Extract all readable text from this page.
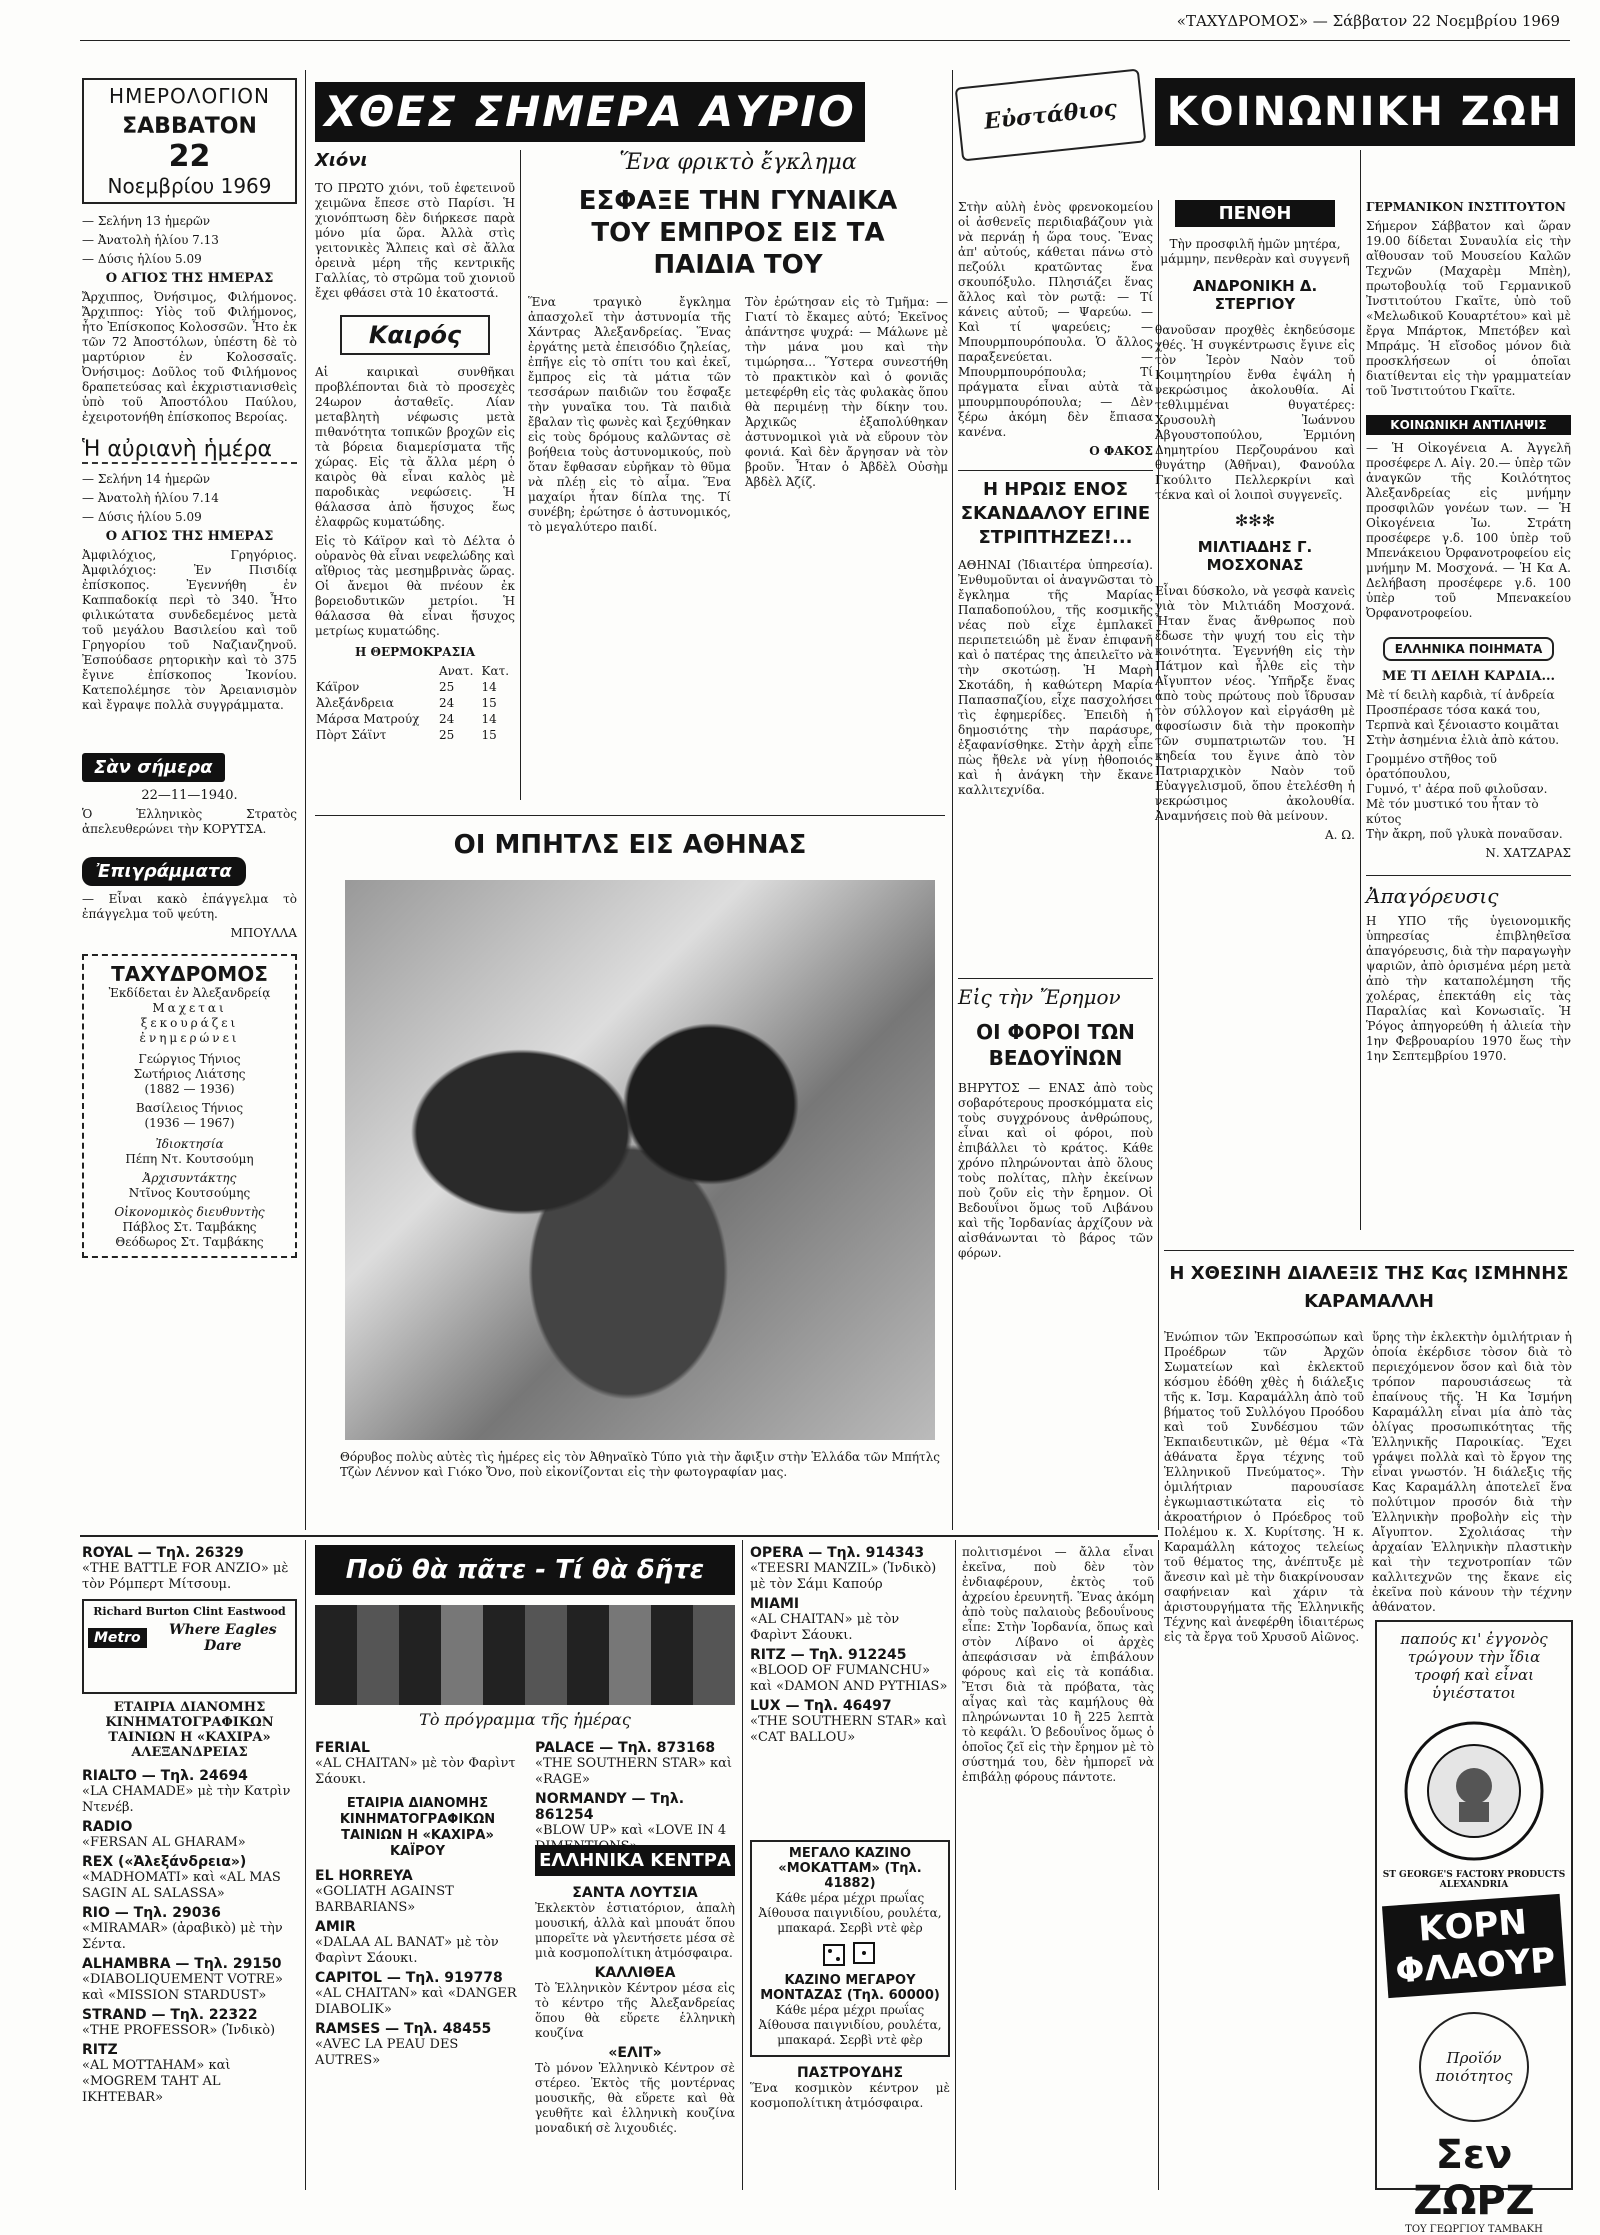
«ΤΑΧΥΔΡΟΜΟΣ» — Σάββατον 22 Νοεμβρίου 1969
ΗΜΕΡΟΛΟΓΙΟΝ
ΣΑΒΒΑΤΟΝ
22
Νοεμβρίου 1969
— Σελήνη 13 ἡμερῶν
— Ἀνατολὴ ἡλίου 7.13
— Δύσις ἡλίου 5.09
Ο ΑΓΙΟΣ ΤΗΣ ΗΜΕΡΑΣ

Ἄρχιππος, Ὀνήσιμος, Φιλήμονος. Ἄρχιππος: Υἱὸς τοῦ Φιλήμονος, ἦτο Ἐπίσκοπος Κολοσσῶν. Ἦτο ἐκ τῶν 72 Ἀποστόλων, ὑπέστη δὲ τὸ μαρτύριον ἐν Κολοσσαῖς. Ὀνήσιμος: Δοῦλος τοῦ Φιλήμονος δραπετεύσας καὶ ἐκχριστιανισθεὶς ὑπὸ τοῦ Ἀποστόλου Παύλου, ἐχειροτονήθη ἐπίσκοπος Βεροίας.

Ἡ αὐριανὴ ἡμέρα
— Σελήνη 14 ἡμερῶν
— Ἀνατολὴ ἡλίου 7.14
— Δύσις ἡλίου 5.09
Ο ΑΓΙΟΣ ΤΗΣ ΗΜΕΡΑΣ

Ἀμφιλόχιος, Γρηγόριος. Ἀμφιλόχιος: Ἐν Πισιδίᾳ ἐπίσκοπος. Ἐγεννήθη ἐν Καππαδοκίᾳ περὶ τὸ 340. Ἦτο φιλικώτατα συνδεδεμένος μετὰ τοῦ μεγάλου Βασιλείου καὶ τοῦ Γρηγορίου τοῦ Ναζιανζηνοῦ. Ἐσπούδασε ρητορικὴν καὶ τὸ 375 ἔγινε ἐπίσκοπος Ἰκονίου. Κατεπολέμησε τὸν Ἀρειανισμὸν καὶ ἔγραψε πολλὰ συγγράμματα.

Σὰν σήμερα
22—11—1940.

Ὁ Ἑλληνικὸς Στρατὸς ἀπελευθερώνει τὴν ΚΟΡΥΤΣΑ.

Ἐπιγράμματα

— Εἶναι κακὸ ἐπάγγελμα τὸ ἐπάγγελμα τοῦ ψεύτη.

ΜΠΟΥΛΛΑ
ΤΑΧΥΔΡΟΜΟΣ
Ἐκδίδεται ἐν Ἀλεξανδρείᾳ
Μαχεται
ξεκουράζει
ἐνημερώνει
Γεώργιος Τήνιος
Σωτήριος Λιάτσης
(1882 — 1936)
Βασίλειος Τήνιος
(1936 — 1967)
Ἰδιοκτησία
Πέπη Ντ. Κουτσούμη
Ἀρχισυντάκτης
Ντῖνος Κουτσούμης
Οἰκονομικὸς διευθυντὴς
Πάβλος Στ. Ταμβάκης
Θεόδωρος Στ. Ταμβάκης
ΧΘΕΣ ΣΗΜΕΡΑ ΑΥΡΙΟ
Χιόνι

ΤΟ ΠΡΩΤΟ χιόνι, τοῦ ἐφετεινοῦ χειμῶνα ἔπεσε στὸ Παρίσι. Ἡ χιονόπτωση δὲν διήρκεσε παρὰ μόνο μία ὥρα. Ἀλλὰ στὶς γειτονικὲς Ἄλπεις καὶ σὲ ἄλλα ὀρεινὰ μέρη τῆς κεντρικῆς Γαλλίας, τὸ στρῶμα τοῦ χιονιοῦ ἔχει φθάσει στὰ 10 ἑκατοστά.

Καιρός

Αἱ καιρικαὶ συνθῆκαι προβλέπονται διὰ τὸ προσεχὲς 24ωρον ἀσταθεῖς. Λίαν μεταβλητὴ νέφωσις μετὰ πιθανότητα τοπικῶν βροχῶν εἰς τὰ βόρεια διαμερίσματα τῆς χώρας. Εἰς τὰ ἄλλα μέρη ὁ καιρὸς θὰ εἶναι καλὸς μὲ παροδικὰς νεφώσεις. Ἡ θάλασσα ἀπὸ ἥσυχος ἕως ἐλαφρῶς κυματώδης.

Εἰς τὸ Κάϊρον καὶ τὸ Δέλτα ὁ οὐρανὸς θὰ εἶναι νεφελώδης καὶ αἴθριος τὰς μεσημβρινὰς ὥρας. Οἱ ἄνεμοι θὰ πνέουν ἐκ βορειοδυτικῶν μετρίοι. Ἡ θάλασσα θὰ εἶναι ἥσυχος μετρίως κυματώδης.

Η ΘΕΡΜΟΚΡΑΣΙΑ
	Ανατ.	Κατ.
Κάϊρον	25	14
Ἀλεξάνδρεια	24	15
Μάρσα Ματρούχ	24	14
Πὸρτ Σάϊντ	25	15
Ἕνα φρικτὸ ἔγκλημα
ΕΣΦΑΞΕ ΤΗΝ ΓΥΝΑΙΚΑ ΤΟΥ ΕΜΠΡΟΣ ΕΙΣ ΤΑ ΠΑΙΔΙΑ ΤΟΥ

Ἕνα τραγικὸ ἔγκλημα ἀπασχολεῖ τὴν ἀστυνομία τῆς Χάντρας Ἀλεξανδρείας. Ἕνας ἐργάτης μετὰ ἐπεισόδιο ζηλείας, ἐπῆγε εἰς τὸ σπίτι του καὶ ἐκεῖ, ἔμπρος εἰς τὰ μάτια τῶν τεσσάρων παιδιῶν του ἔσφαξε τὴν γυναῖκα του. Τὰ παιδιὰ ἔβαλαν τὶς φωνὲς καὶ ξεχύθηκαν εἰς τοὺς δρόμους καλῶντας σὲ βοήθεια τοὺς ἀστυνομικούς, ποὺ ὅταν ἔφθασαν εὑρῆκαν τὸ θῦμα νὰ πλέῃ εἰς τὸ αἷμα. Ἕνα μαχαίρι ἦταν δίπλα της. Τί συνέβη; ἐρώτησε ὁ ἀστυνομικός, τὸ μεγαλύτερο παιδί.

Τὸν ἐρώτησαν εἰς τὸ Τμῆμα: — Γιατί τὸ ἔκαμες αὐτό; Ἐκεῖνος ἀπάντησε ψυχρά: — Μάλωνε μὲ τὴν μάνα μου καὶ τὴν τιμώρησα... Ὕστερα συνεστήθη τὸ πρακτικὸν καὶ ὁ φονιᾶς μετεφέρθη εἰς τὰς φυλακὰς ὅπου θὰ περιμένῃ τὴν δίκην του. Ἀρχικῶς ἐξαπολύθηκαν ἀστυνομικοὶ γιὰ νὰ εὕρουν τὸν φονιά. Καὶ δὲν ἄργησαν νὰ τὸν βροῦν. Ἦταν ὁ Ἀβδὲλ Οὐσὴμ Ἀβδὲλ Ἀζίζ.

ΟΙ ΜΠΗΤΛΣ ΕΙΣ ΑΘΗΝΑΣ

Θόρυβος πολὺς αὐτὲς τὶς ἡμέρες εἰς τὸν Ἀθηναϊκὸ Τύπο γιὰ τὴν ἄφιξιν στὴν Ἑλλάδα τῶν Μπήτλς Τζὼν Λέννον καὶ Γιόκο Ὄνο, ποὺ εἰκονίζονται εἰς τὴν φωτογραφίαν μας.

Εὐστάθιος

Στὴν αὐλὴ ἑνὸς φρενοκομείου οἱ ἀσθενεῖς περιδιαβάζουν γιὰ νὰ περνάῃ ἡ ὥρα τους. Ἕνας ἀπ' αὐτούς, κάθεται πάνω στὸ πεζούλι κρατῶντας ἕνα σκουπόξυλο. Πλησιάζει ἕνας ἄλλος καὶ τὸν ρωτᾷ: — Τί κάνεις αὐτοῦ; — Ψαρεύω. — Καὶ τί ψαρεύεις; — Μπουρμπουρόπουλα. Ὁ ἄλλος παραξενεύεται. — Μπουρμπουρόπουλα; Τί πράγματα εἶναι αὐτὰ τὰ μπουρμπουρόπουλα; — Δὲν ξέρω ἀκόμη δὲν ἔπιασα κανένα.

Ο ΦΑΚΟΣ
Η ΗΡΩΙΣ ΕΝΟΣ ΣΚΑΝΔΑΛΟΥ ΕΓΙΝΕ ΣΤΡΙΠΤΗΖΕΖ!...

ΑΘΗΝΑΙ (Ἰδιαιτέρα ὑπηρεσία). Ἐνθυμοῦνται οἱ ἀναγνῶσται τὸ ἔγκλημα τῆς Μαρίας Παπαδοπούλου, τῆς κοσμικῆς νέας ποὺ εἶχε ἐμπλακεῖ περιπετειώδη μὲ ἕναν ἐπιφανῆ καὶ ὁ πατέρας της ἀπειλεῖτο νὰ τὴν σκοτώσῃ. Ἡ Μαρὴ Σκοτάδη, ἡ καθώτερη Μαρία Παπασπαζίου, εἶχε πασχολήσει τὶς ἐφημερίδες. Ἐπειδὴ ἡ δημοσιότης τὴν παράσυρε, ἐξαφανίσθηκε. Στὴν ἀρχὴ εἶπε πὼς ἤθελε νὰ γίνῃ ἠθοποιός καὶ ἡ ἀνάγκη τὴν ἔκανε καλλιτεχνίδα.

Εἰς τὴν Ἔρημον
ΟΙ ΦΟΡΟΙ ΤΩΝ ΒΕΔΟΥΪΝΩΝ

ΒΗΡΥΤΟΣ — ΕΝΑΣ ἀπὸ τοὺς σοβαρότερους προσκόμματα εἰς τοὺς συγχρόνους ἀνθρώπους, εἶναι καὶ οἱ φόροι, ποὺ ἐπιβάλλει τὸ κράτος. Κάθε χρόνο πληρώνονται ἀπὸ ὅλους τοὺς πολίτας, πλὴν ἐκείνων ποὺ ζοῦν εἰς τὴν ἔρημον. Οἱ Βεδουΐνοι ὅμως τοῦ Λιβάνου καὶ τῆς Ἰορδανίας ἀρχίζουν νὰ αἰσθάνωνται τὸ βάρος τῶν φόρων.

ΚΟΙΝΩΝΙΚΗ ΖΩΗ
ΠΕΝΘΗ

Τὴν προσφιλῆ ἡμῶν μητέρα, μάμμην, πενθερὰν καὶ συγγενῆ

ΑΝΔΡΟΝΙΚΗ Δ. ΣΤΕΡΓΙΟΥ

θανοῦσαν προχθὲς ἐκηδεύσομε χθές. Ἡ συγκέντρωσις ἔγινε εἰς τὸν Ἱερὸν Ναὸν τοῦ Κοιμητηρίου ἔνθα ἐψάλη ἡ νεκρώσιμος ἀκολουθία. Αἱ τεθλιμμέναι θυγατέρες: Χρυσουλὴ Ἰωάννου Ἀβγουστοπούλου, Ἐρμιόνη Δημητρίου Περζουράνου καὶ θυγάτηρ (Ἀθῆναι), Φανούλα Γκούλιτο Πελλερκρίνι καὶ τέκνα καὶ οἱ λοιποὶ συγγενεῖς.

✻✻✻
ΜΙΛΤΙΑΔΗΣ Γ. ΜΟΣΧΟΝΑΣ

Εἶναι δύσκολο, νὰ γεσφὰ κανεὶς γιὰ τὸν Μιλτιάδη Μοσχονά. Ἦταν ἕνας ἄνθρωπος ποὺ ἔδωσε τὴν ψυχή του εἰς τὴν κοινότητα. Ἐγεννήθη εἰς τὴν Πάτμον καὶ ἦλθε εἰς τὴν Αἴγυπτον νέος. Ὑπῆρξε ἕνας ἀπὸ τοὺς πρώτους ποὺ ἵδρυσαν τὸν σύλλογον καὶ εἰργάσθη μὲ ἀφοσίωσιν διὰ τὴν προκοπὴν τῶν συμπατριωτῶν του. Ἡ κηδεία του ἔγινε ἀπὸ τὸν Πατριαρχικὸν Ναὸν τοῦ Εὐαγγελισμοῦ, ὅπου ἐτελέσθη ἡ νεκρώσιμος ἀκολουθία. Ἀναμνήσεις ποὺ θὰ μείνουν.

Α. Ω.
ΓΕΡΜΑΝΙΚΟΝ ΙΝΣΤΙΤΟΥΤΟΝ

Σήμερον Σάββατον καὶ ὥραν 19.00 δίδεται Συναυλία εἰς τὴν αἴθουσαν τοῦ Μουσείου Καλῶν Τεχνῶν (Μαχαρὲμ Μπὲη), πρωτοβουλίᾳ τοῦ Γερμανικοῦ Ἰνστιτούτου Γκαῖτε, ὑπὸ τοῦ «Μελωδικοῦ Κουαρτέτου» καὶ μὲ ἔργα Μπάρτοκ, Μπετόβεν καὶ Μπράμς. Ἡ εἴσοδος μόνον διὰ προσκλήσεων οἱ ὁποῖαι διατίθενται εἰς τὴν γραμματείαν τοῦ Ἰνστιτούτου Γκαῖτε.

ΚΟΙΝΩΝΙΚΗ ΑΝΤΙΛΗΨΙΣ

— Ἡ Οἰκογένεια Α. Ἀγγελῆ προσέφερε Λ. Αἰγ. 20.— ὑπὲρ τῶν ἀναγκῶν τῆς Κοιλότητος Ἀλεξανδρείας εἰς μνήμην προσφιλῶν γονέων των. — Ἡ Οἰκογένεια Ἰω. Στράτη προσέφερε γ.δ. 100 ὑπὲρ τοῦ Μπενάκειου Ὀρφανοτροφείου εἰς μνήμην Μ. Μοσχονά. — Ἡ Κα Α. Δελήβαση προσέφερε γ.δ. 100 ὑπὲρ τοῦ Μπενακείου Ὀρφανοτροφείου.

ΕΛΛΗΝΙΚΑ ΠΟΙΗΜΑΤΑ
ΜΕ ΤΙ ΔΕΙΛΗ ΚΑΡΔΙΑ...
Μὲ τί δειλὴ καρδιὰ, τί ἀνδρεία
Προσπέρασε τόσα κακά του,
Τερπνὰ καὶ ξένοιαστο κοιμᾶται
Στὴν ἀσημένια ἐλιὰ ἀπὸ κάτου.
Γρομμένο στῆθος τοῦ ὁρατόπουλου,
Γυμνό, τ' ἀέρα ποῦ φιλοῦσαν.
Μὲ τόν μυστικό του ἦταν τὸ κύτος
Τὴν ἄκρη, ποῦ γλυκὰ ποναῦσαν.
Ν. ΧΑΤΖΑΡΑΣ
Ἀπαγόρευσις

Η ΥΠΟ τῆς ὑγειονομικῆς ὑπηρεσίας ἐπιβληθεῖσα ἀπαγόρευσις, διὰ τὴν παραγωγὴν ψαριῶν, ἀπὸ ὁρισμένα μέρη μετὰ ἀπὸ τὴν καταπολέμηση τῆς χολέρας, ἐπεκτάθη εἰς τὰς Παραλίας καὶ Κονωσιαῖς. Ἡ Ῥόγος ἀπηγορεύθη ἡ ἀλιεία τὴν 1ην Φεβρουαρίου 1970 ἕως τὴν 1ην Σεπτεμβρίου 1970.

Η ΧΘΕΣΙΝΗ ΔΙΑΛΕΞΙΣ ΤΗΣ Κας ΙΣΜΗΝΗΣ ΚΑΡΑΜΑΛΛΗ

Ἐνώπιον τῶν Ἐκπροσώπων καὶ Προέδρων τῶν Ἀρχῶν Σωματείων καὶ ἐκλεκτοῦ κόσμου ἐδόθη χθὲς ἡ διάλεξις τῆς κ. Ἰσμ. Καραμάλλη ἀπὸ τοῦ βήματος τοῦ Συλλόγου Προόδου καὶ τοῦ Συνδέσμου τῶν Ἐκπαιδευτικῶν, μὲ θέμα «Τὰ ἀθάνατα ἔργα τέχνης τοῦ Ἑλληνικοῦ Πνεύματος». Τὴν ὁμιλήτριαν παρουσίασε ἐγκωμιαστικώτατα εἰς τὸ ἀκροατήριον ὁ Πρόεδρος τοῦ Πολέμου κ. Χ. Κυρίτσης. Ἡ κ. Καραμάλλη κάτοχος τελείως τοῦ θέματος της, ἀνέπτυξε μὲ ἄνεσιν καὶ μὲ τὴν διακρίνουσαν σαφήνειαν καὶ χάριν τὰ ἀριστουργήματα τῆς Ἑλληνικῆς Τέχνης καὶ ἀνεφέρθη ἰδιαιτέρως εἰς τὰ ἔργα τοῦ Χρυσοῦ Αἰῶνος.

ὕρης τὴν ἐκλεκτὴν ὁμιλήτριαν ἡ ὁποία ἐκέρδισε τὸσον διὰ τὸ περιεχόμενον ὅσον καὶ διὰ τὸν τρόπον παρουσιάσεως τὰ ἐπαίνους τῆς. Ἡ Κα Ἰσμήνη Καραμάλλη εἶναι μία ἀπὸ τὰς ὀλίγας προσωπικότητας τῆς Ἑλληνικῆς Παροικίας. Ἔχει γράψει πολλὰ καὶ τὸ ἔργον της εἶναι γνωστόν. Ἡ διάλεξις τῆς Κας Καραμάλλη ἀποτελεῖ ἕνα πολύτιμον προσόν διὰ τὴν Ἑλληνικὴν προβολὴν εἰς τὴν Αἴγυπτον. Σχολιάσας τὴν ἀρχαίαν Ἑλληνικὴν πλαστικὴν καὶ τὴν τεχνοτροπίαν τῶν καλλιτεχνῶν της ἔκανε εἰς ἐκεῖνα ποὺ κάνουν τὴν τέχνην ἀθάνατον.

παπούς κι' ἐγγονὸς τρώγουν τὴν ἴδια τροφή καὶ εἶναι ὑγιέστατοι
ST GEORGE'S FACTORY PRODUCTS ALEXANDRIA
ΚΟΡΝ ΦΛΑΟΥΡ
Προϊόν ποιότητος
Σεν ΖΩΡΖ
ΤΟΥ ΓΕΩΡΓΙΟΥ ΤΑΜΒΑΚΗ
ROYAL — Τηλ. 26329
«THE BATTLE FOR ANZIO» μὲ τὸν Ρόμπερτ Μίτσουμ.
Richard Burton Clint Eastwood
Metro	Where Eagles Dare
ΕΤΑΙΡΙΑ ΔΙΑΝΟΜΗΣ
ΚΙΝΗΜΑΤΟΓΡΑΦΙΚΩΝ
ΤΑΙΝΙΩΝ Η «ΚΑΧΙΡΑ»
ΑΛΕΞΑΝΔΡΕΙΑΣ
RIALTO — Τηλ. 24694
«LA CHAMADE» μὲ τὴν Κατρὶν Ντενέβ.
RADIO
«FERSAN AL GHARAM»
REX («Ἀλεξάνδρεια»)
«MADHOMATI» καὶ «AL MAS SAGIN AL SALASSA»
RIO — Τηλ. 29036
«MIRAMAR» (ἀραβικὸ) μὲ τὴν Σέντα.
ALHAMBRA — Τηλ. 29150
«DIABOLIQUEMENT VOTRE» καὶ «MISSION STARDUST»
STRAND — Τηλ. 22322
«THE PROFESSOR» (Ἰνδικὸ)
RITZ
«AL MOTTAHAM» καὶ «MOGREM TAHT AL IKHTEBAR»
Ποῦ θὰ πᾶτε - Τί θὰ δῆτε
Τὸ πρόγραμμα τῆς ἡμέρας
FERIAL
«AL CHAITAN» μὲ τὸν Φαρὶντ Σάουκι.
ΕΤΑΙΡΙΑ ΔΙΑΝΟΜΗΣ ΚΙΝΗΜΑΤΟΓΡΑΦΙΚΩΝ ΤΑΙΝΙΩΝ Η «ΚΑΧΙΡΑ» ΚΑΪΡΟΥ
EL HORREYA
«GOLIATH AGAINST BARBARIANS»
AMIR
«DALAA AL BANAT» μὲ τὸν Φαρὶντ Σάουκι.
CAPITOL — Τηλ. 919778
«AL CHAITAN» καὶ «DANGER DIABOLIK»
RAMSES — Τηλ. 48455
«AVEC LA PEAU DES AUTRES»
PALACE — Τηλ. 873168
«THE SOUTHERN STAR» καὶ «RAGE»
NORMANDY — Τηλ. 861254
«BLOW UP» καὶ «LOVE IN 4
ΕΛΛΗΝΙΚΑ ΚΕΝΤΡΑ
ΣΑΝΤΑ ΛΟΥΤΣΙΑ

Ἐκλεκτὸν ἑστιατόριον, ἀπαλὴ μουσική, ἀλλὰ καὶ μπουάτ ὅπου μπορεῖτε νὰ γλεντήσετε μέσα σὲ μιὰ κοσμοπολίτικη ἀτμόσφαιρα.

ΚΑΛΛΙΘΕΑ

Τὸ Ἑλληνικὸν Κέντρον μέσα εἰς τὸ κέντρο τῆς Ἀλεξανδρείας ὅπου θὰ εὕρετε ἑλληνικὴ κουζίνα

«ΕΛΙΤ»

Τὸ μόνον Ἑλληνικὸ Κέντρον σὲ στέρεο. Ἐκτὸς τῆς μοντέρνας μουσικῆς, θὰ εὕρετε καὶ θὰ γευθῆτε καὶ ἑλληνικὴ κουζίνα μοναδική σὲ λιχουδιές.

OPERA — Τηλ. 914343
«TEESRI MANZIL» (Ἰνδικὸ) μὲ τὸν Σάμι Καπούρ
MIAMI
«AL CHAITAN» μὲ τὸν Φαρὶντ Σάουκι.
RITZ — Τηλ. 912245
«BLOOD OF FUMANCHU» καὶ «DAMON AND PYTHIAS»
LUX — Τηλ. 46497
«THE SOUTHERN STAR» καὶ «CAT BALLOU»
ΜΕΓΑΛΟ ΚΑΖΙΝΟ «ΜΟΚΑΤΤΑΜ» (Τηλ. 41882)

Κάθε μέρα μέχρι πρωΐας Ἀίθουσα παιγνιδίου, ρουλέτα, μπακαρά. Σερβὶ ντὲ φὲρ

ΚΑΖΙΝΟ ΜΕΓΑΡΟΥ ΜΟΝΤΑΖΑΣ (Τηλ. 60000)

Κάθε μέρα μέχρι πρωΐας Ἀίθουσα παιγνιδίου, ρουλέτα, μπακαρά. Σερβὶ ντὲ φὲρ

ΠΑΣΤΡΟΥΔΗΣ

Ἕνα κοσμικὸν κέντρον μὲ κοσμοπολίτικη ἀτμόσφαιρα.

πολιτισμένοι — ἄλλα εἶναι ἐκεῖνα, ποὺ δὲν τὸν ἐνδιαφέρουν, ἐκτὸς τοῦ ἀχρείου ἐρευνητῆ. Ἕνας ἀκόμη ἀπὸ τοὺς παλαιοὺς βεδουΐνους εἶπε: Στὴν Ἰορδανία, ὅπως καὶ στὸν Λίβανο οἱ ἀρχὲς ἀπεφάσισαν νὰ ἐπιβάλουν φόρους καὶ εἰς τὰ κοπάδια. Ἔτσι διὰ τὰ πρόβατα, τὰς αἶγας καὶ τὰς καμήλους θὰ πληρώνωνται 10 ἢ 225 λεπτὰ τὸ κεφάλι. Ὁ βεδουΐνος ὅμως ὁ ὁποῖος ζεῖ εἰς τὴν ἔρημον μὲ τὸ σύστημά του, δὲν ἠμπορεῖ νὰ ἐπιβάλῃ φόρους πάντοτε.
